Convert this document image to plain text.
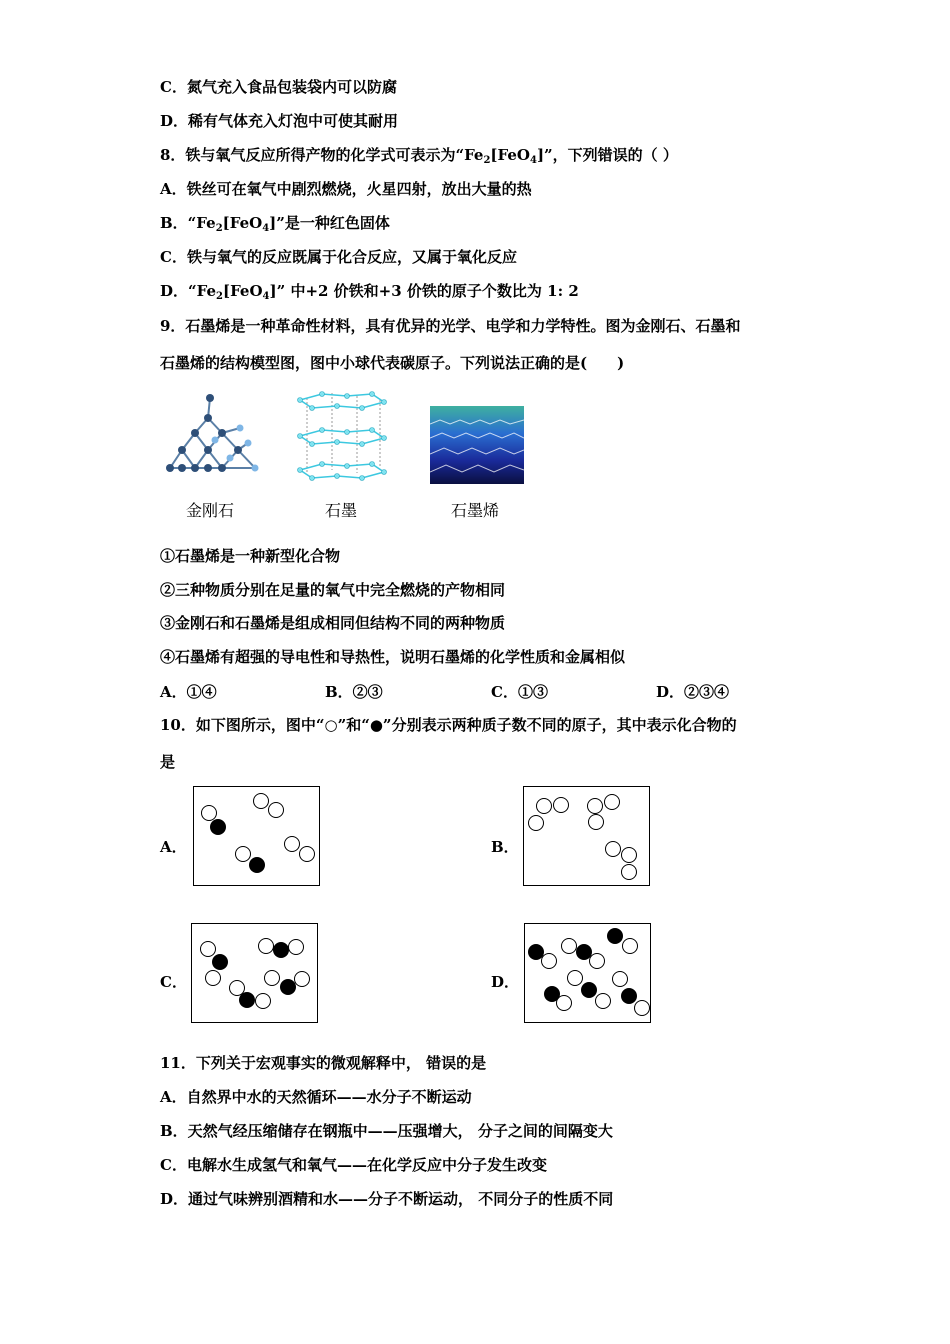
C．氮气充入食品包装袋内可以防腐
D．稀有气体充入灯泡中可使其耐用
8．铁与氧气反应所得产物的化学式可表示为“$Fe_2[FeO_4]$”，下列错误的（ ）
A．铁丝可在氧气中剧烈燃烧，火星四射，放出大量的热
B．“$Fe_2[FeO_4]$”是一种红色固体
C．铁与氧气的反应既属于化合反应，又属于氧化反应
D．“$Fe_2[FeO_4]$” 中+2 价铁和+3 价铁的原子个数比为 1: 2
9．石墨烯是一种革命性材料，具有优异的光学、电学和力学特性。图为金刚石、石墨和
石墨烯的结构模型图，图中小球代表碳原子。下列说法正确的是(　　)
金刚石	石墨	石墨烯
①石墨烯是一种新型化合物
②三种物质分别在足量的氧气中完全燃烧的产物相同
③金刚石和石墨烯是组成相同但结构不同的两种物质
④石墨烯有超强的导电性和导热性，说明石墨烯的化学性质和金属相似
A．①④	B．②③	C．①③	D．②③④
10．如下图所示，图中“○”和“●”分别表示两种质子数不同的原子，其中表示化合物的
是
A．	B．
C．	D．
11．下列关于宏观事实的微观解释中， 错误的是
A．自然界中水的天然循环——水分子不断运动
B．天然气经压缩储存在钢瓶中——压强增大， 分子之间的间隔变大
C．电解水生成氢气和氧气——在化学反应中分子发生改变
D．通过气味辨别酒精和水——分子不断运动， 不同分子的性质不同
